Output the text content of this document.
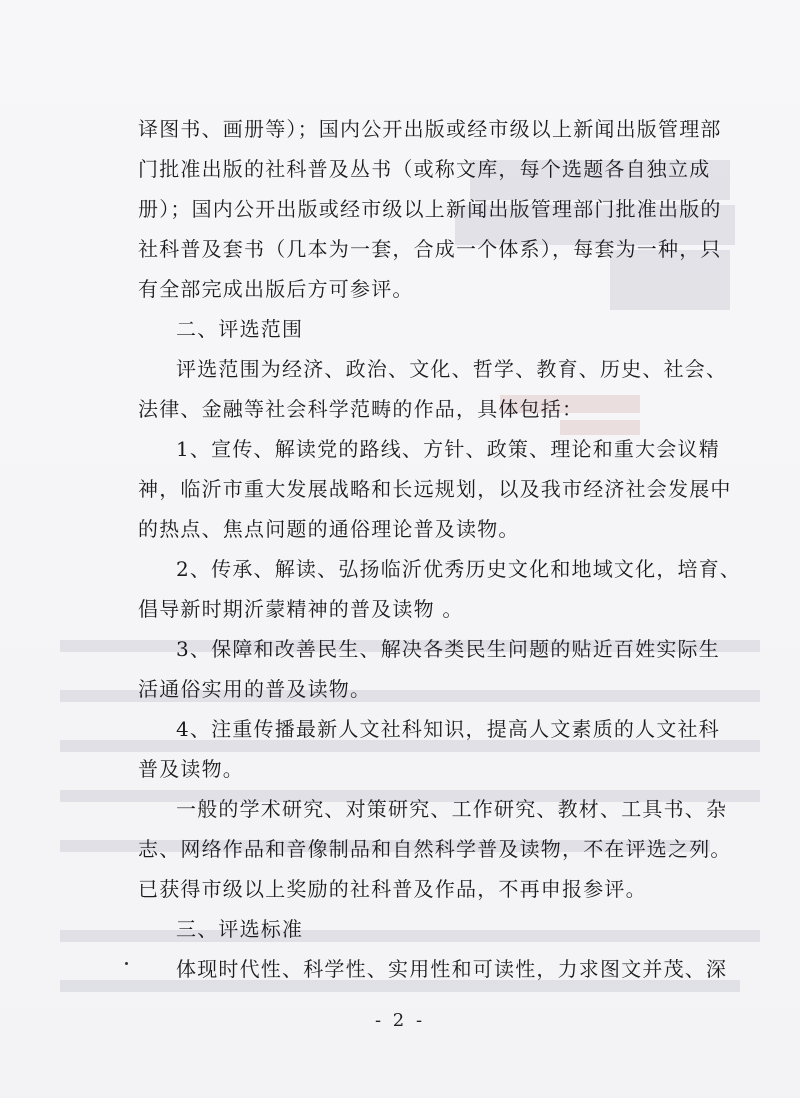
译图书、画册等）；国内公开出版或经市级以上新闻出版管理部
门批准出版的社科普及丛书（或称文库，每个选题各自独立成
册）；国内公开出版或经市级以上新闻出版管理部门批准出版的
社科普及套书（几本为一套，合成一个体系），每套为一种，只
有全部完成出版后方可参评。
二、评选范围
评选范围为经济、政治、文化、哲学、教育、历史、社会、
法律、金融等社会科学范畴的作品，具体包括：
1、宣传、解读党的路线、方针、政策、理论和重大会议精
神，临沂市重大发展战略和长远规划，以及我市经济社会发展中
的热点、焦点问题的通俗理论普及读物。
2、传承、解读、弘扬临沂优秀历史文化和地域文化，培育、
倡导新时期沂蒙精神的普及读物 。
3、保障和改善民生、解决各类民生问题的贴近百姓实际生
活通俗实用的普及读物。
4、注重传播最新人文社科知识，提高人文素质的人文社科
普及读物。
一般的学术研究、对策研究、工作研究、教材、工具书、杂
志、网络作品和音像制品和自然科学普及读物，不在评选之列。
已获得市级以上奖励的社科普及作品，不再申报参评。
三、评选标准
体现时代性、科学性、实用性和可读性，力求图文并茂、深
- 2 -
